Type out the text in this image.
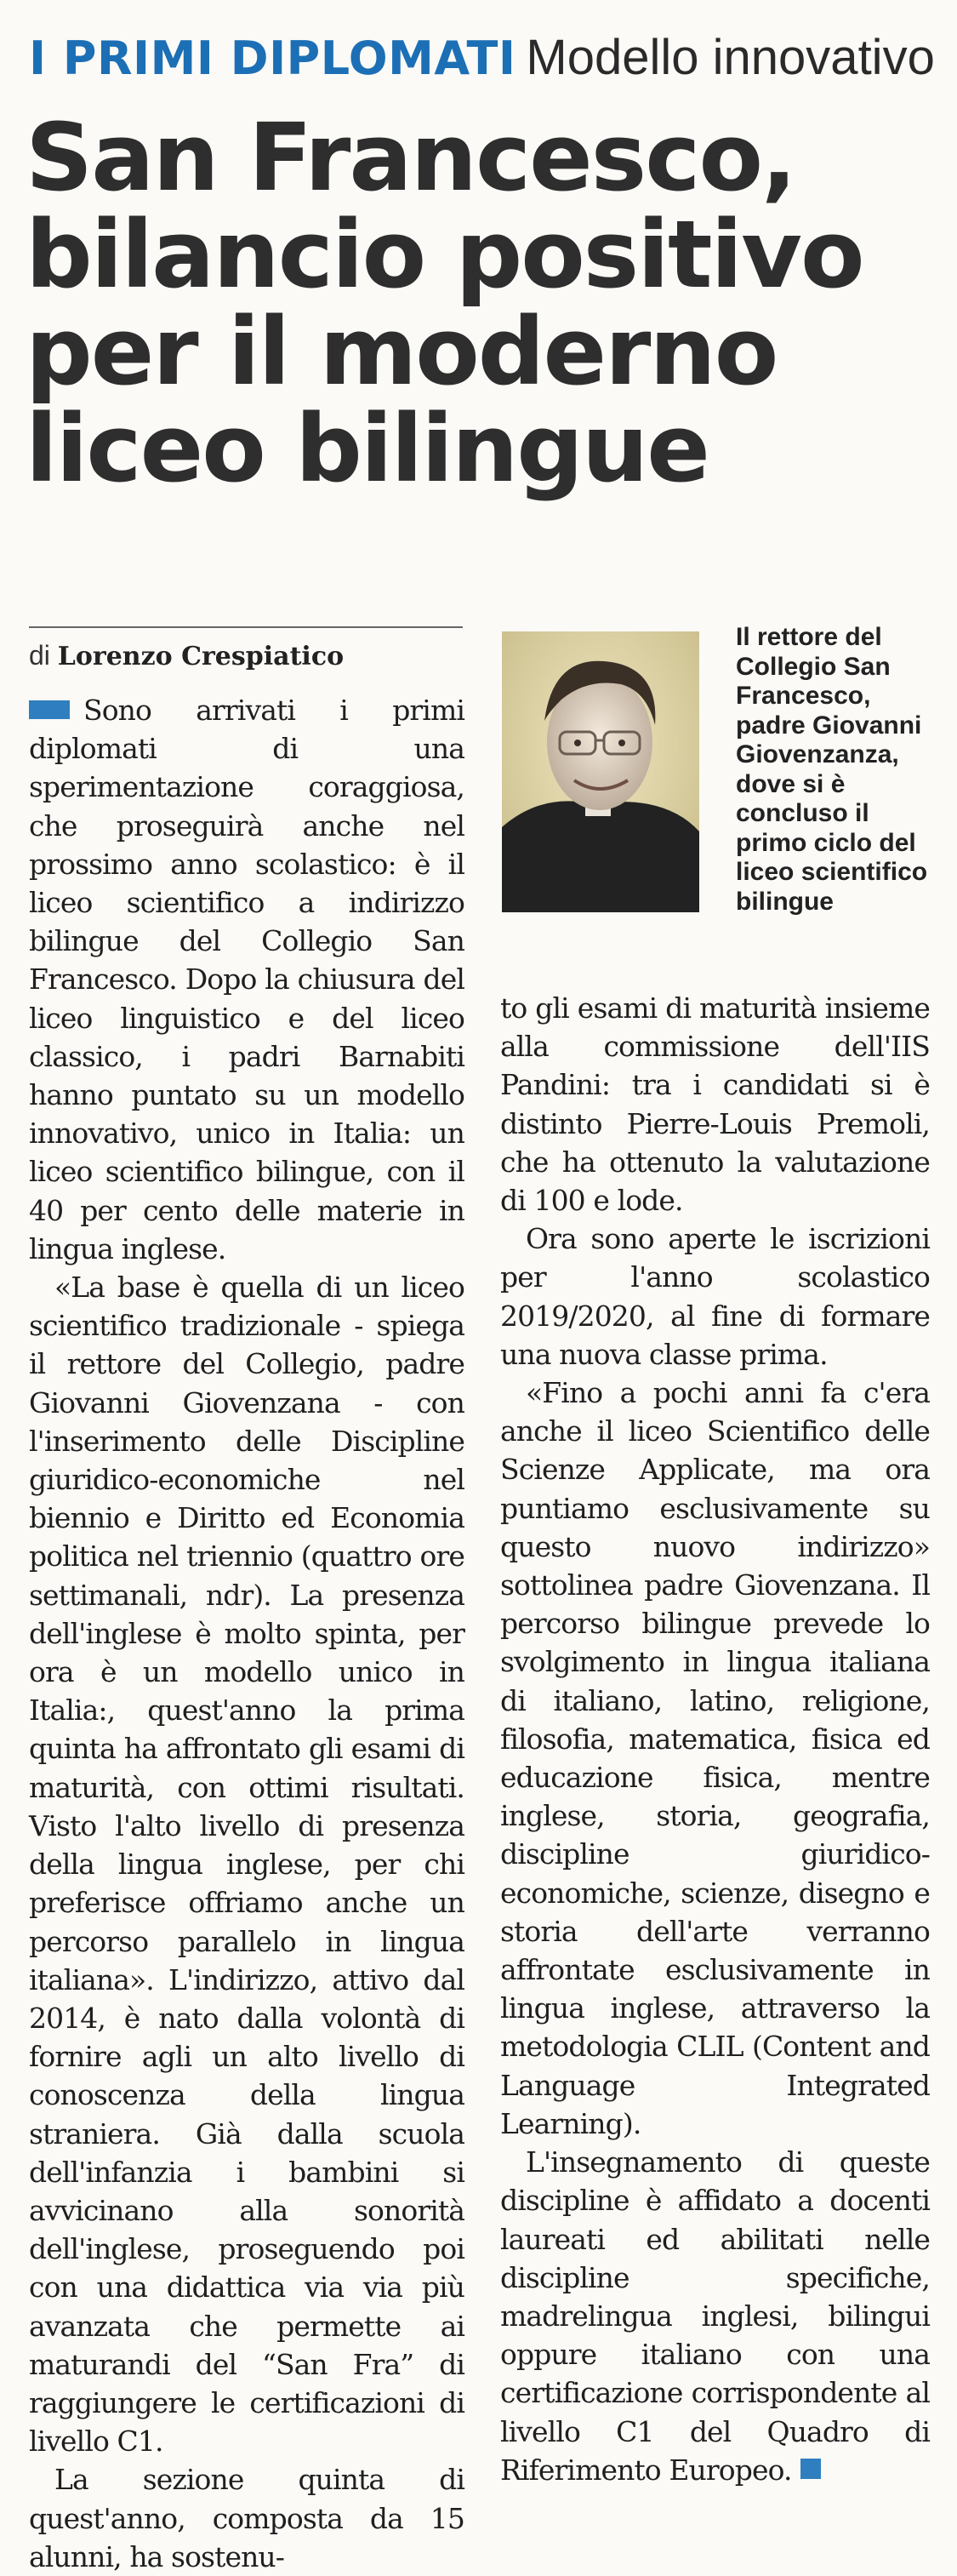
I PRIMI DIPLOMATI Modello innovativo
San Francesco, bilancio positivo per il moderno liceo bilingue
di Lorenzo Crespiatico
Il rettore del Collegio San Francesco, padre Giovanni Giovenzanza, dove si è concluso il primo ciclo del liceo scientifico bilingue

Sono arrivati i primi diplomati di una sperimentazione coraggiosa, che proseguirà anche nel prossimo anno scolastico: è il liceo scientifico a indirizzo bilingue del Collegio San Francesco. Dopo la chiusura del liceo linguistico e del liceo classico, i padri Barnabiti hanno puntato su un modello innovativo, unico in Italia: un liceo scientifico bilingue, con il 40 per cento delle materie in lingua inglese.

«La base è quella di un liceo scientifico tradizionale - spiega il rettore del Collegio, padre Giovanni Giovenzana - con l'inserimento delle Discipline giuridico-economiche nel biennio e Diritto ed Economia politica nel triennio (quattro ore settimanali, ndr). La presenza dell'inglese è molto spinta, per ora è un modello unico in Italia:, quest'anno la prima quinta ha affrontato gli esami di maturità, con ottimi risultati. Visto l'alto livello di presenza della lingua inglese, per chi preferisce offriamo anche un percorso parallelo in lingua italiana». L'indirizzo, attivo dal 2014, è nato dalla volontà di fornire agli un alto livello di conoscenza della lingua straniera. Già dalla scuola dell'infanzia i bambini si avvicinano alla sonorità dell'inglese, proseguendo poi con una didattica via via più avanzata che permette ai maturandi del “San Fra” di raggiungere le certificazioni di livello C1.

La sezione quinta di quest'anno, composta da 15 alunni, ha sostenu-

to gli esami di maturità insieme alla commissione dell'IIS Pandini: tra i candidati si è distinto Pierre-Louis Premoli, che ha ottenuto la valutazione di 100 e lode.

Ora sono aperte le iscrizioni per l'anno scolastico 2019/2020, al fine di formare una nuova classe prima.

«Fino a pochi anni fa c'era anche il liceo Scientifico delle Scienze Applicate, ma ora puntiamo esclusivamente su questo nuovo indirizzo» sottolinea padre Giovenzana. Il percorso bilingue prevede lo svolgimento in lingua italiana di italiano, latino, religione, filosofia, matematica, fisica ed educazione fisica, mentre inglese, storia, geografia, discipline giuridico-economiche, scienze, disegno e storia dell'arte verranno affrontate esclusivamente in lingua inglese, attraverso la metodologia CLIL (Content and Language Integrated Learning).

L'insegnamento di queste discipline è affidato a docenti laureati ed abilitati nelle discipline specifiche, madrelingua inglesi, bilingui oppure italiano con una certificazione corrispondente al livello C1 del Quadro di Riferimento Europeo.
